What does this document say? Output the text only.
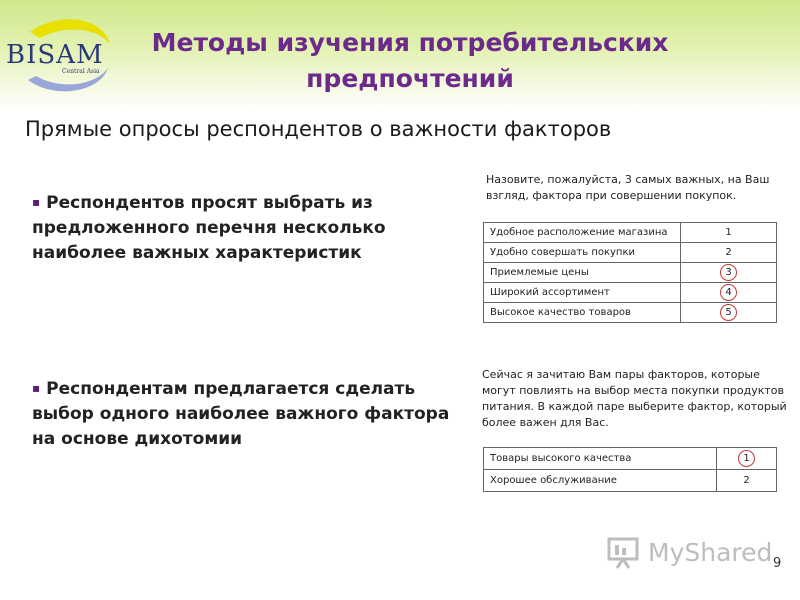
BISAM
Central Asia
Методы изучения потребительских
предпочтений
Прямые опросы респондентов о важности факторов
▪ Респондентов просят выбрать из предложенного перечня несколько наиболее важных характеристик
▪ Респондентам предлагается сделать выбор одного наиболее важного фактора на основе дихотомии
Назовите, пожалуйста, 3 самых важных, на Ваш взгляд, фактора при совершении покупок.
Удобное расположение магазина	1
Удобно совершать покупки	2
Приемлемые цены	3
Широкий ассортимент	4
Высокое качество товаров	5
Сейчас я зачитаю Вам пары факторов, которые могут повлиять на выбор места покупки продуктов питания. В каждой паре выберите фактор, который более важен для Вас.
Товары высокого качества	1
Хорошее обслуживание	2
MyShared 9
